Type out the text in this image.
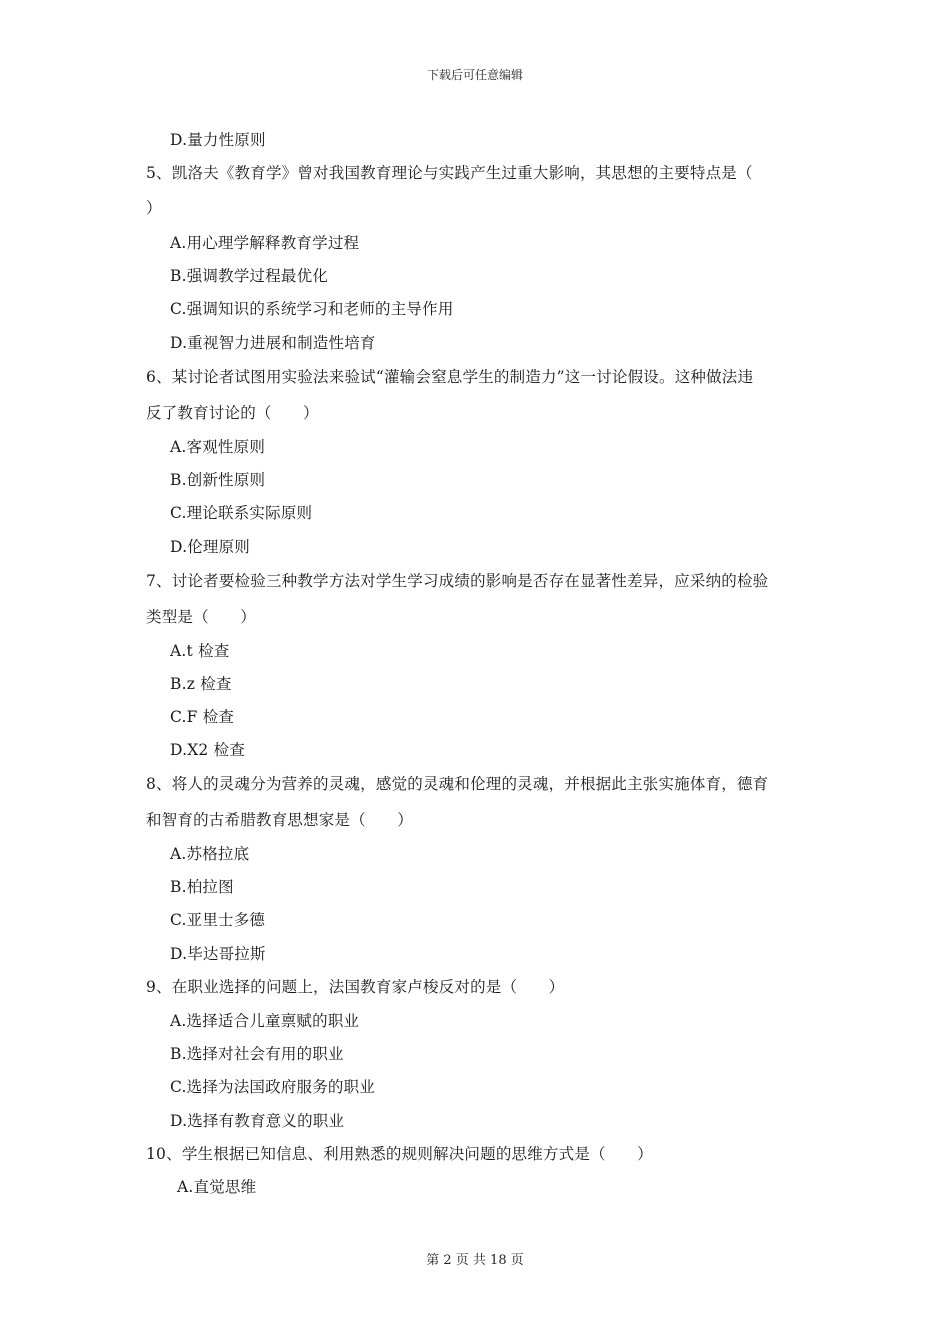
下载后可任意编辑
D.量力性原则
5、凯洛夫《教育学》曾对我国教育理论与实践产生过重大影响，其思想的主要特点是（
）
A.用心理学解释教育学过程
B.强调教学过程最优化
C.强调知识的系统学习和老师的主导作用
D.重视智力进展和制造性培育
6、某讨论者试图用实验法来验试“灌输会窒息学生的制造力”这一讨论假设。这种做法违
反了教育讨论的（　　）
A.客观性原则
B.创新性原则
C.理论联系实际原则
D.伦理原则
7、讨论者要检验三种教学方法对学生学习成绩的影响是否存在显著性差异，应采纳的检验
类型是（　　）
A.t 检查
B.z 检查
C.F 检查
D.X2 检查
8、将人的灵魂分为营养的灵魂，感觉的灵魂和伦理的灵魂，并根据此主张实施体育，德育
和智育的古希腊教育思想家是（　　）
A.苏格拉底
B.柏拉图
C.亚里士多德
D.毕达哥拉斯
9、在职业选择的问题上，法国教育家卢梭反对的是（　　）
A.选择适合儿童禀赋的职业
B.选择对社会有用的职业
C.选择为法国政府服务的职业
D.选择有教育意义的职业
10、学生根据已知信息、利用熟悉的规则解决问题的思维方式是（　　）
A.直觉思维
第 2 页 共 18 页
